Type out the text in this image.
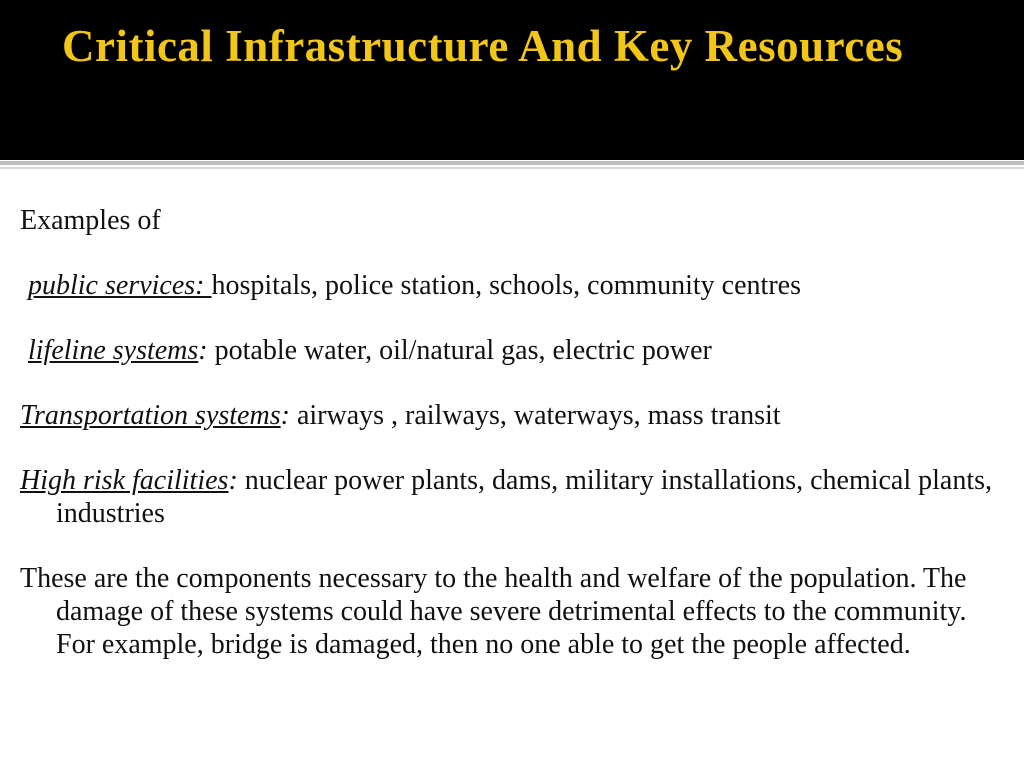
Critical Infrastructure And Key Resources

Examples of

public services: hospitals, police station, schools, community centres

lifeline systems: potable water, oil/natural gas, electric power

Transportation systems: airways , railways, waterways, mass transit

High risk facilities: nuclear power plants, dams, military installations, chemical plants, industries

These are the components necessary to the health and welfare of the population. The damage of these systems could have severe detrimental effects to the community. For example, bridge is damaged, then no one able to get the people affected.
